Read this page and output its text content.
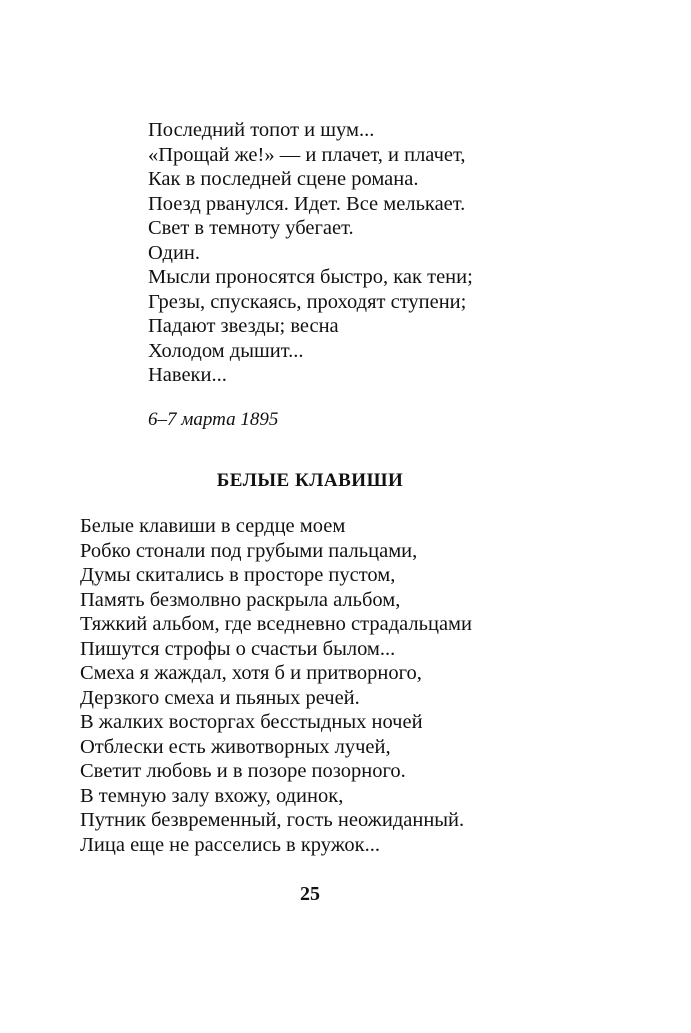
Последний топот и шум...
«Прощай же!» — и плачет, и плачет,
Как в последней сцене романа.
Поезд рванулся. Идет. Все мелькает.
Свет в темноту убегает.
Один.
Мысли проносятся быстро, как тени;
Грезы, спускаясь, проходят ступени;
Падают звезды; весна
Холодом дышит...
Навеки...
6–7 марта 1895
БЕЛЫЕ КЛАВИШИ
Белые клавиши в сердце моем
Робко стонали под грубыми пальцами,
Думы скитались в просторе пустом,
Память безмолвно раскрыла альбом,
Тяжкий альбом, где вседневно страдальцами
Пишутся строфы о счастьи былом...
Смеха я жаждал, хотя б и притворного,
Дерзкого смеха и пьяных речей.
В жалких восторгах бесстыдных ночей
Отблески есть животворных лучей,
Светит любовь и в позоре позорного.
В темную залу вхожу, одинок,
Путник безвременный, гость неожиданный.
Лица еще не расселись в кружок...
25
